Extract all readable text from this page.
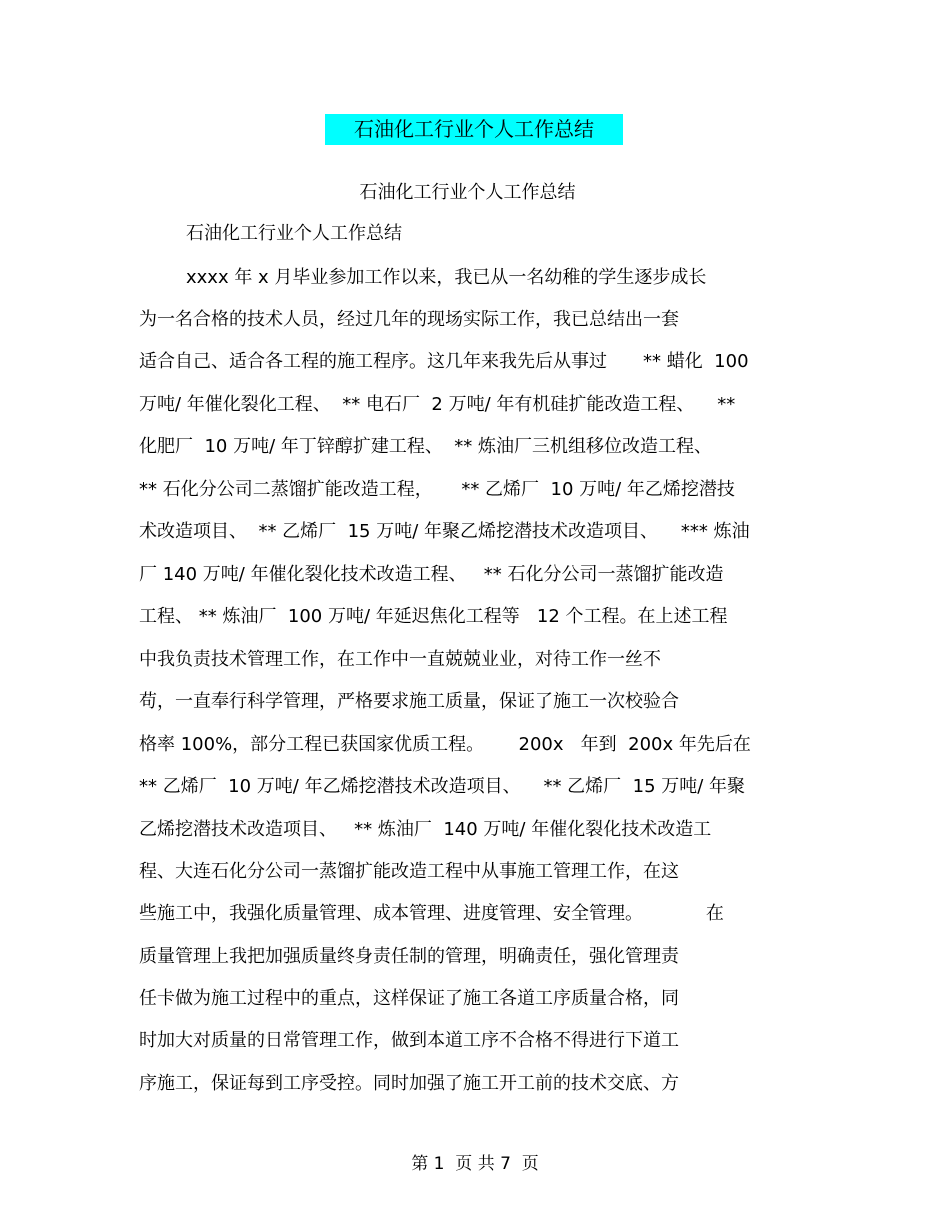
石油化工行业个人工作总结
石油化工行业个人工作总结
石油化工行业个人工作总结
xxxx 年 x 月毕业参加工作以来，我已从一名幼稚的学生逐步成长
为一名合格的技术人员，经过几年的现场实际工作，我已总结出一套
适合自己、适合各工程的施工程序。这几年来我先后从事过　　** 蜡化  100
万吨/ 年催化裂化工程、  ** 电石厂  2 万吨/ 年有机硅扩能改造工程、    **
化肥厂  10 万吨/ 年丁锌醇扩建工程、  ** 炼油厂三机组移位改造工程、
** 石化分公司二蒸馏扩能改造工程，     ** 乙烯厂  10 万吨/ 年乙烯挖潜技
术改造项目、  ** 乙烯厂  15 万吨/ 年聚乙烯挖潜技术改造项目、    *** 炼油
厂 140 万吨/ 年催化裂化技术改造工程、   ** 石化分公司一蒸馏扩能改造
工程、 ** 炼油厂  100 万吨/ 年延迟焦化工程等   12 个工程。在上述工程
中我负责技术管理工作，在工作中一直兢兢业业，对待工作一丝不
苟，一直奉行科学管理，严格要求施工质量，保证了施工一次校验合
格率 100%，部分工程已获国家优质工程。      200x   年到  200x 年先后在
** 乙烯厂  10 万吨/ 年乙烯挖潜技术改造项目、    ** 乙烯厂  15 万吨/ 年聚
乙烯挖潜技术改造项目、   ** 炼油厂  140 万吨/ 年催化裂化技术改造工
程、大连石化分公司一蒸馏扩能改造工程中从事施工管理工作，在这
些施工中，我强化质量管理、成本管理、进度管理、安全管理。           在
质量管理上我把加强质量终身责任制的管理，明确责任，强化管理责
任卡做为施工过程中的重点，这样保证了施工各道工序质量合格，同
时加大对质量的日常管理工作，做到本道工序不合格不得进行下道工
序施工，保证每到工序受控。同时加强了施工开工前的技术交底、方
第 1  页 共 7  页
